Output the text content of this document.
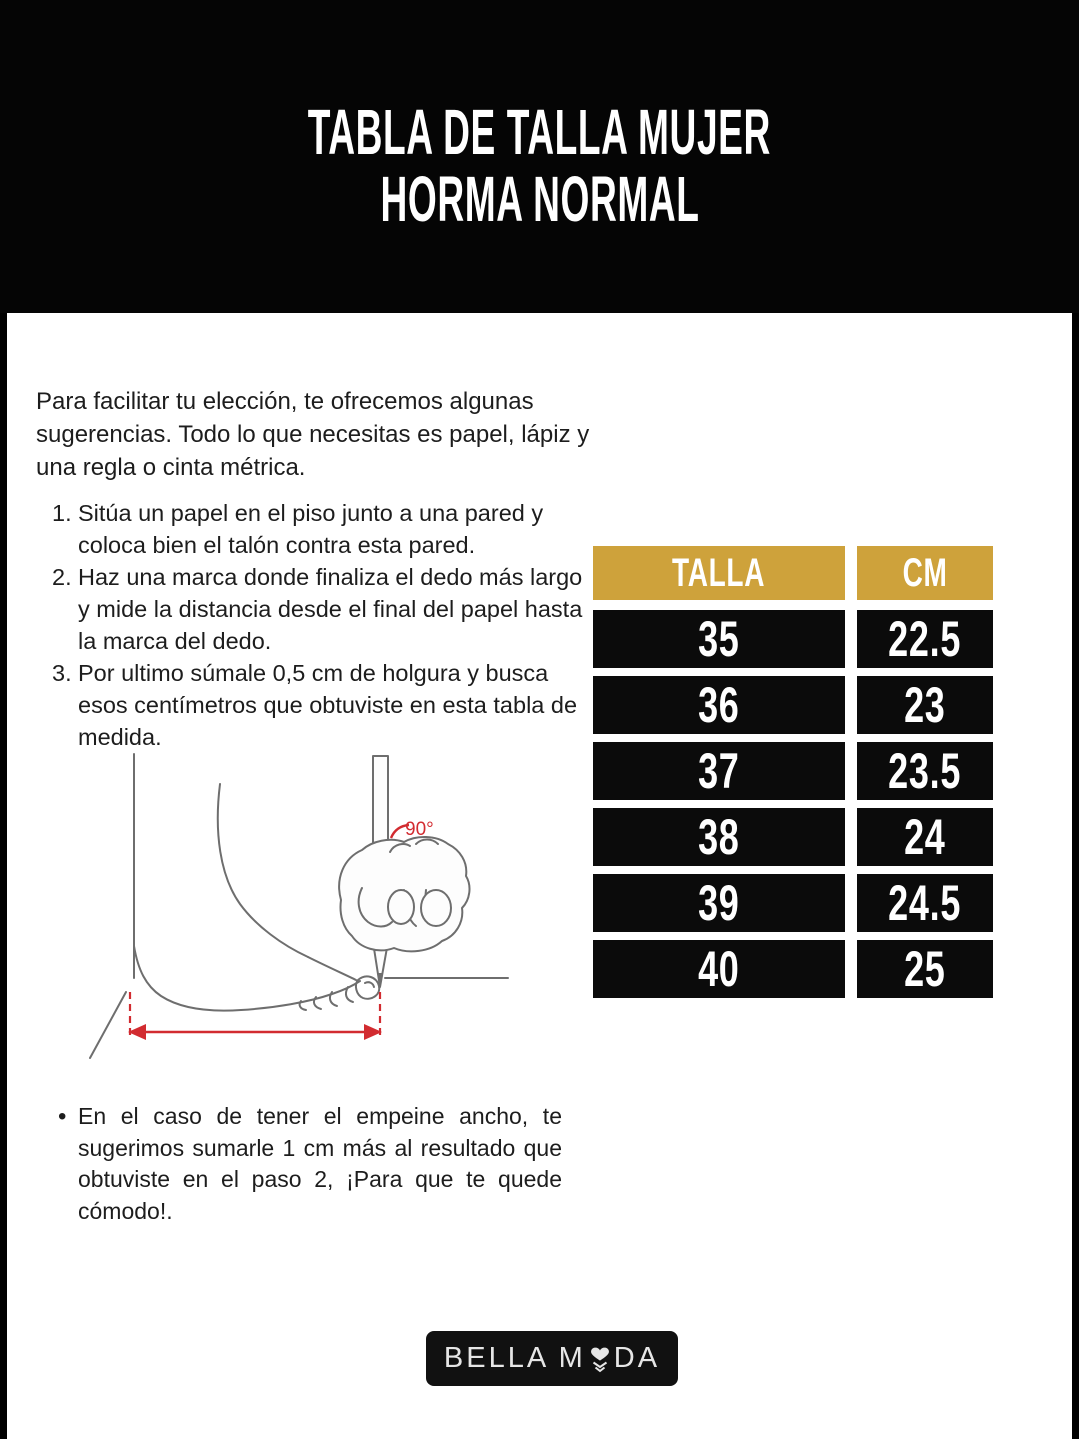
TABLA DE TALLA MUJER
HORMA NORMAL
Para facilitar tu elección, te ofrecemos algunas
sugerencias. Todo lo que necesitas es papel, lápiz y
una regla o cinta métrica.
1. Sitúa un papel en el piso junto a una pared y
coloca bien el talón contra esta pared.
2. Haz una marca donde finaliza el dedo más largo
y mide la distancia desde el final del papel hasta
la marca del dedo.
3. Por ultimo súmale 0,5 cm de holgura y busca
esos centímetros que obtuviste en esta tabla de
medida.
TALLA
35
36
37
38
39
40
CM
22.5
23
23.5
24
24.5
25
90°
• En el caso de tener el empeine ancho, te sugerimos sumarle 1 cm más al resultado que obtuviste en el paso 2, ¡Para que te quede cómodo!.

BELLA M DA
